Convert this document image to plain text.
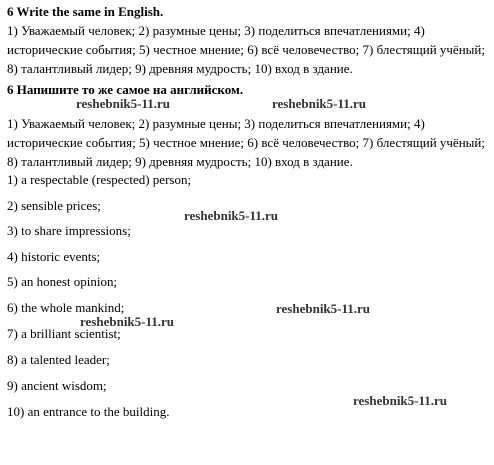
6 Write the same in English.
1) Уважаемый человек; 2) разумные цены; 3) поделиться впечатлениями; 4) исторические события; 5) честное мнение; 6) всё человечество; 7) блестящий учёный; 8) талантливый лидер; 9) древняя мудрость; 10) вход в здание.
6 Напишите то же самое на английском.
1) Уважаемый человек; 2) разумные цены; 3) поделиться впечатлениями; 4) исторические события; 5) честное мнение; 6) всё человечество; 7) блестящий учёный; 8) талантливый лидер; 9) древняя мудрость; 10) вход в здание.
1) a respectable (respected) person;
2) sensible prices;
3) to share impressions;
4) historic events;
5) an honest opinion;
6) the whole mankind;
7) a brilliant scientist;
8) a talented leader;
9) ancient wisdom;
10) an entrance to the building.
reshebnik5-11.ru	reshebnik5-11.ru
reshebnik5-11.ru
reshebnik5-11.ru
reshebnik5-11.ru
reshebnik5-11.ru
